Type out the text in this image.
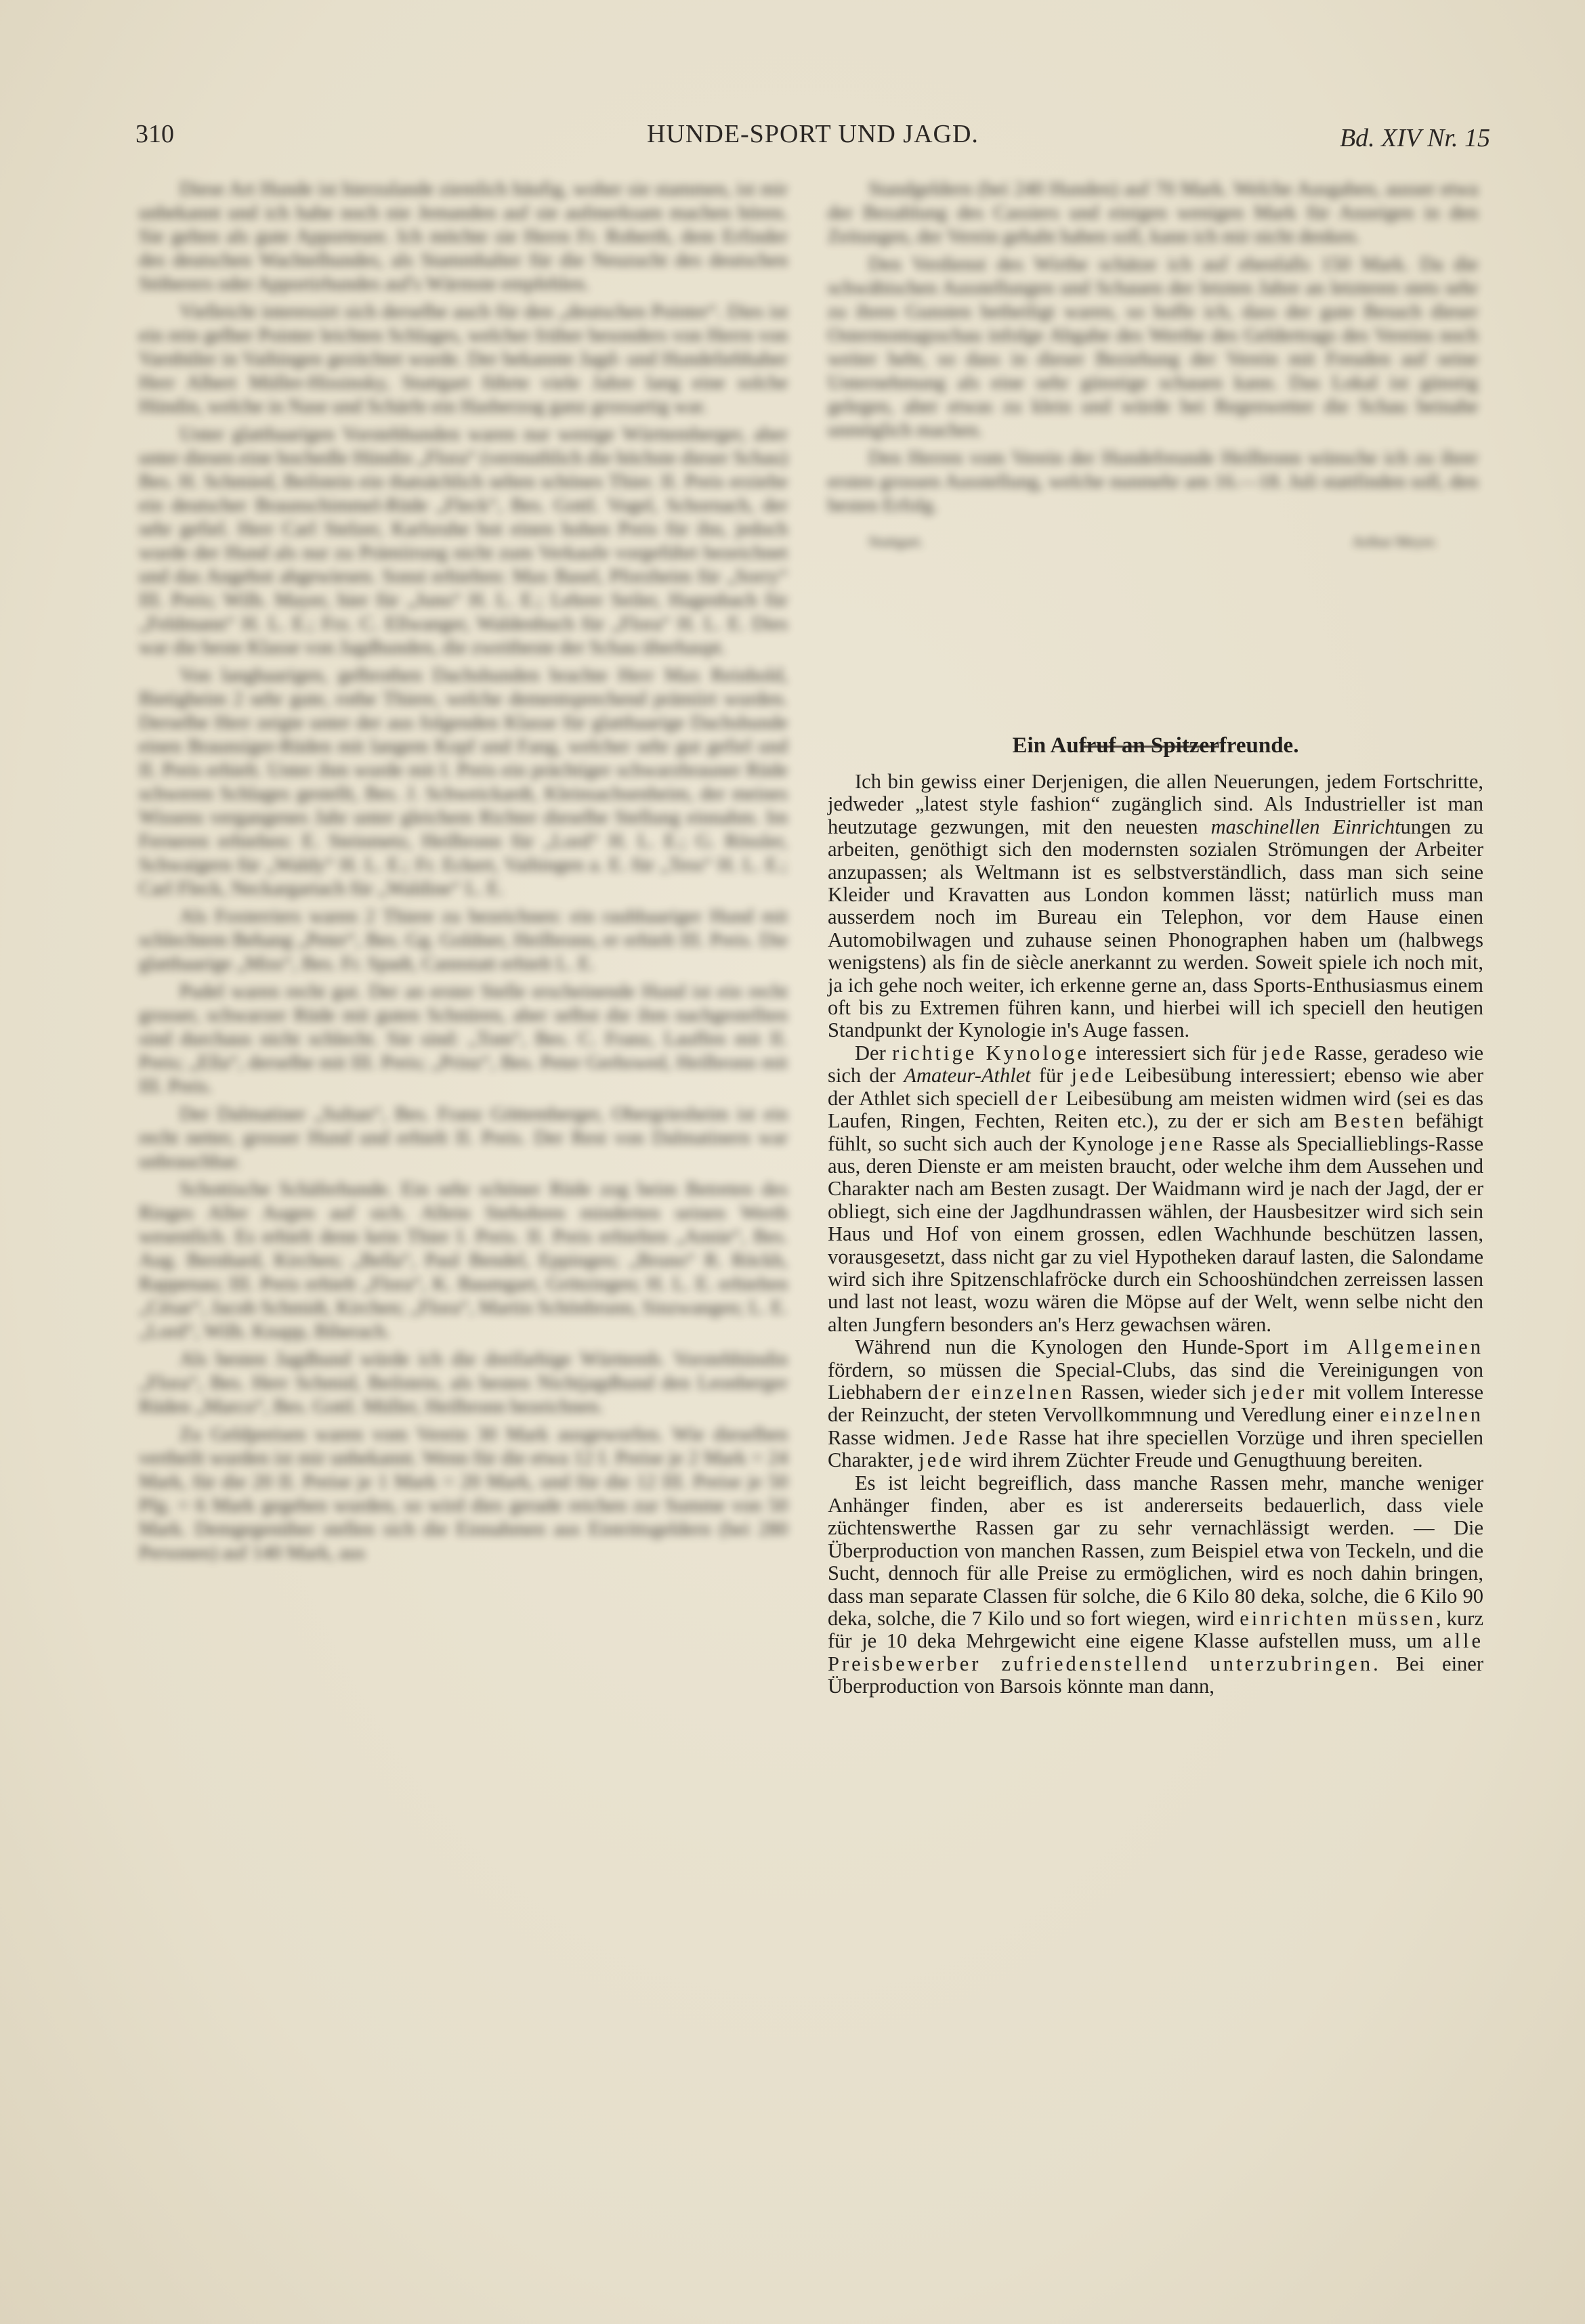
310	HUNDE-SPORT UND JAGD.	Bd. XIV Nr. 15

Diese Art Hunde ist hierzulande ziemlich häufig, woher sie stammen, ist mir unbekannt und ich habe noch nie Jemanden auf sie aufmerksam machen hören. Sie gelten als gute Apporteure. Ich möchte sie Herrn Fr. Roberth, dem Erfinder des deutschen Wachtelhundes, als Stammhalter für die Neuzucht des deutschen Stöberers oder Apportirhundes auf's Wärmste empfehlen.

Vielleicht interessirt sich derselbe auch für den „deutschen Pointer“. Dies ist ein rein gelber Pointer leichten Schlages, welcher früher besonders von Herrn von Varnbüler in Vaihingen gezüchtet wurde. Der bekannte Jagd- und Hundeliebhaber Herr Albert Müller-Hissinsky, Stuttgart führte viele Jahre lang eine solche Hündin, welche in Nase und Schärfe ein Hasberzog ganz grossartig war.

Unter glatthaarigen Vorstehhunden waren nur wenige Württemberger, aber unter diesen eine hochedle Hündin „Flora“ (vermuthlich die höchste dieser Schau) Bes. H. Schmied, Beilstein ein thatsächlich selten schönes Thier. II. Preis erzielte ein deutscher Braunschimmel-Rüde „Fleck“, Bes. Gottl. Vogel, Schornach, der sehr gefiel. Herr Carl Stelzer, Karlsruhe bot einen hohen Preis für ihn, jedoch wurde der Hund als nur zu Prämiirung nicht zum Verkaufe vorgeführt bezeichnet und das Angebot abgewiesen. Sonst erhielten: Max Basel, Pforzheim für „Sorry“ III. Preis; Wilh. Mayer, hier für „Juno“ H. L. E.; Lehrer Seiler, Hagenbach für „Feldmann“ H. L. E.; Frz. C. Ellwanger, Waldenbuch für „Flora“ H. L. E. Dies war die beste Klasse von Jagdhunden, die zweitbeste der Schau überhaupt.

Von langhaarigen, gelbrothen Dachshunden brachte Herr Max Reinhold, Bietigheim 2 sehr gute, rothe Thiere, welche dementsprechend prämiirt wurden. Derselbe Herr zeigte unter der aus folgenden Klasse für glatthaarige Dachshunde einen Braunsiger-Rüden mit langem Kopf und Fang, welcher sehr gut gefiel und II. Preis erhielt. Unter ihm wurde mit I. Preis ein prächtiger schwarzbrauner Rüde schweren Schlages gestellt, Bes. J. Schweickardt, Kleinsachsenheim, der meines Wissens vergangenes Jahr unter gleichem Richter dieselbe Stellung einnahm. Im Ferneren erhielten: E. Steinmetz, Heilbronn für „Lord“ H. L. E.; G. Rössler, Schwaigern für „Waldy“ H. L. E.; Fr. Eckert, Vaihingen a. E. für „Tess“ H. L. E.; Carl Fleck, Neckargartach für „Waldine“ L. E.

Als Foxterriers waren 2 Thiere zu bezeichnen: ein rauhhaariger Hund mit schlechtem Behang „Peter“, Bes. Gg. Goldner, Heilbronn, er erhielt III. Preis. Die glatthaarige „Miss“, Bes. Fr. Spadt, Cannstatt erhielt L. E.

Pudel waren recht gut. Der an erster Stelle erscheinende Hund ist ein recht grosser, schwarzer Rüde mit guten Schnüren, aber selbst die ihm nachgestellten sind durchaus nicht schlecht. Sie sind: „Tom“, Bes. C. Franz, Lauffen mit II. Preis; „Ella“, derselbe mit III. Preis; „Prinz“, Bes. Peter Gerhswed, Heilbronn mit III. Preis.

Der Dalmatiner „Sultan“, Bes. Franz Göttemberger, Obergriesheim ist ein recht netter, grosser Hund und erhielt II. Preis. Der Rest von Dalmatinern war unbrauchbar.

Schottische Schäferhunde. Ein sehr schöner Rüde zog beim Betreten des Ringes Aller Augen auf sich. Allein Stehohren minderten seinen Werth wesentlich. Es erhielt denn kein Thier I. Preis. II. Preis erhielten „Annie“, Bes. Aug. Bernhard, Kirchen; „Bella“, Paul Bendel, Eppingen; „Bruno“ R. Röckh, Rappenau; III. Preis erhielt „Flora“, K. Baumgart, Grötzingen; H. L. E. erhielten „César“, Jacob Schmidt, Kirchen; „Flora“, Martin Schönbrunn, Sinzwangen; L. E. „Lord“, Wilh. Knapp, Biberach.

Als besten Jagdhund würde ich die dreifarbige Württemb. Vorstehhündin „Flora“, Bes. Herr Schmid, Beilstein, als besten Nichtjagdhund den Leonberger Rüden „Marco“, Bes. Gottl. Müller, Heilbronn bezeichnen.

Zu Geldpreisen waren vom Verein 30 Mark ausgeworfen. Wie dieselben vertheilt wurden ist mir unbekannt. Wenn für die etwa 12 I. Preise je 2 Mark = 24 Mark, für die 20 II. Preise je 1 Mark = 20 Mark, und für die 12 III. Preise je 50 Pfg. = 6 Mark gegeben wurden, so wird dies gerade reichen zur Summe von 50 Mark. Demgegenüber stellen sich die Einnahmen aus Eintrittsgeldern (bei 280 Personen) auf 140 Mark, aus

Standgeldern (bei 240 Hunden) auf 70 Mark. Welche Ausgaben, ausser etwa der Bezahlung des Cassiers und einigen wenigen Mark für Anzeigen in den Zeitungen, der Verein gehabt haben soll, kann ich mir nicht denken.

Den Verdienst des Wirthe schätze ich auf ebenfalls 150 Mark. Da die schwäbischen Ausstellungen und Schauen der letzten Jahre an letzteren stets sehr zu ihren Gunsten betheiligt waren, so hoffe ich, dass der gute Besuch dieser Ostermontagsschau infolge Abgabe des Werthe des Geldertrags des Vereins noch weiter hebt, so dass in dieser Beziehung der Verein mit Freuden auf seine Unternehmung als eine sehr günstige schauen kann. Das Lokal ist günstig gelegen, aber etwas zu klein und würde bei Regenwetter die Schau beinahe unmöglich machen.

Den Herren vom Verein der Hundefreunde Heilbronn wünsche ich zu ihrer ersten grossen Ausstellung, welche nunmehr am 16.—18. Juli stattfinden soll, den besten Erfolg.

Stuttgart.	Arthur Meyer.
Ein Aufruf an Spitzerfreunde.

Ich bin gewiss einer Derjenigen, die allen Neuerungen, jedem Fortschritte, jedweder „latest style fashion“ zugänglich sind. Als Industrieller ist man heutzutage gezwungen, mit den neuesten maschinellen Einrichtungen zu arbeiten, genöthigt sich den modernsten sozialen Strömungen der Arbeiter anzupassen; als Weltmann ist es selbstverständlich, dass man sich seine Kleider und Kravatten aus London kommen lässt; natürlich muss man ausserdem noch im Bureau ein Telephon, vor dem Hause einen Automobilwagen und zuhause seinen Phonographen haben um (halbwegs wenigstens) als fin de siècle anerkannt zu werden. Soweit spiele ich noch mit, ja ich gehe noch weiter, ich erkenne gerne an, dass Sports-Enthusiasmus einem oft bis zu Extremen führen kann, und hierbei will ich speciell den heutigen Standpunkt der Kynologie in's Auge fassen.

Der richtige Kynologe interessiert sich für jede Rasse, geradeso wie sich der Amateur-Athlet für jede Leibesübung interessiert; ebenso wie aber der Athlet sich speciell der Leibesübung am meisten widmen wird (sei es das Laufen, Ringen, Fechten, Reiten etc.), zu der er sich am Besten befähigt fühlt, so sucht sich auch der Kynologe jene Rasse als Speciallieblings-Rasse aus, deren Dienste er am meisten braucht, oder welche ihm dem Aussehen und Charakter nach am Besten zusagt. Der Waidmann wird je nach der Jagd, der er obliegt, sich eine der Jagdhundrassen wählen, der Hausbesitzer wird sich sein Haus und Hof von einem grossen, edlen Wachhunde beschützen lassen, vorausgesetzt, dass nicht gar zu viel Hypotheken darauf lasten, die Salondame wird sich ihre Spitzenschlafröcke durch ein Schooshündchen zerreissen lassen und last not least, wozu wären die Möpse auf der Welt, wenn selbe nicht den alten Jungfern besonders an's Herz gewachsen wären.

Während nun die Kynologen den Hunde-Sport im Allgemeinen fördern, so müssen die Special-Clubs, das sind die Vereinigungen von Liebhabern der einzelnen Rassen, wieder sich jeder mit vollem Interesse der Reinzucht, der steten Vervollkommnung und Veredlung einer einzelnen Rasse widmen. Jede Rasse hat ihre speciellen Vorzüge und ihren speciellen Charakter, jede wird ihrem Züchter Freude und Genugthuung bereiten.

Es ist leicht begreiflich, dass manche Rassen mehr, manche weniger Anhänger finden, aber es ist andererseits bedauerlich, dass viele züchtenswerthe Rassen gar zu sehr vernachlässigt werden. — Die Überproduction von manchen Rassen, zum Beispiel etwa von Teckeln, und die Sucht, dennoch für alle Preise zu ermöglichen, wird es noch dahin bringen, dass man separate Classen für solche, die 6 Kilo 80 deka, solche, die 6 Kilo 90 deka, solche, die 7 Kilo und so fort wiegen, wird einrichten müssen, kurz für je 10 deka Mehrgewicht eine eigene Klasse aufstellen muss, um alle Preisbewerber zufriedenstellend unterzubringen. Bei einer Überproduction von Barsois könnte man dann,
